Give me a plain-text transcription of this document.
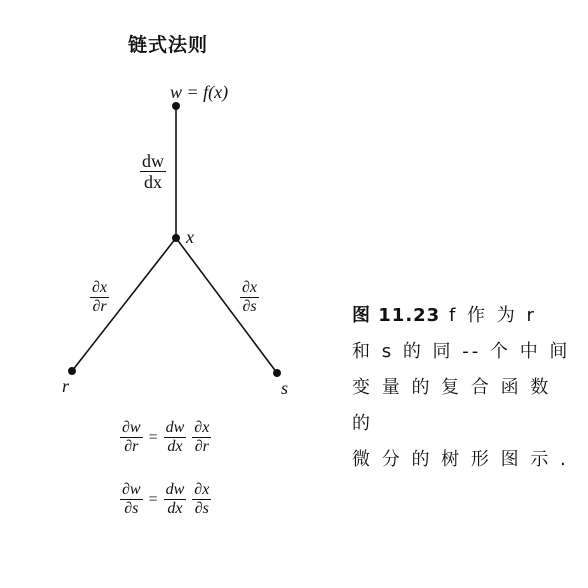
链式法则
w = f(x)
x
r	s
$\frac{dw}{dx}$
$\frac{\partial x}{\partial r}$	$\frac{\partial x}{\partial s}$
$\frac{\partial w}{\partial r} = \frac{dw}{dx} \frac{\partial x}{\partial r}$
$\frac{\partial w}{\partial s} = \frac{dw}{dx} \frac{\partial x}{\partial s}$
图 11.23 f 作 为 r
和 s 的 同 -- 个 中 间
变 量 的 复 合 函 数 的
微 分 的 树 形 图 示 .
